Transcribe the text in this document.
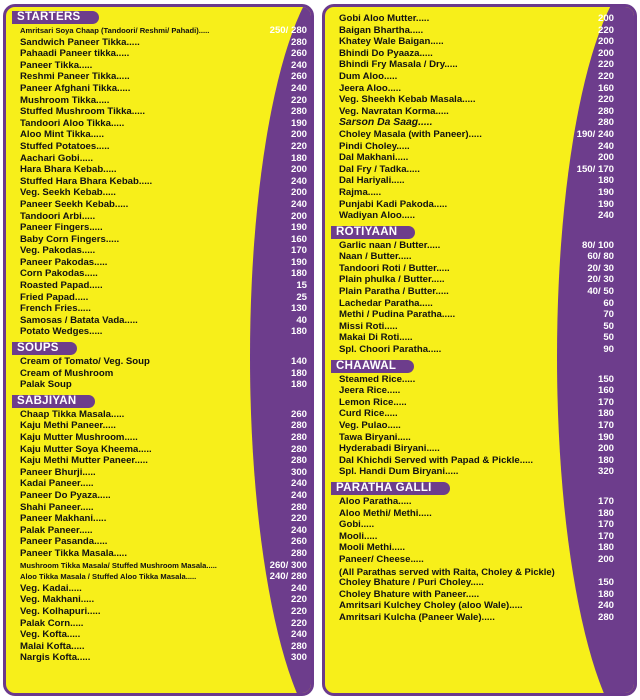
STARTERS
Amritsari Soya Chaap (Tandoori/ Reshmi/ Pahadi).....	250/ 280
Sandwich Paneer Tikka.....	280
Pahaadi Paneer tikka.....	260
Paneer Tikka.....	240
Reshmi Paneer Tikka.....	260
Paneer Afghani Tikka.....	240
Mushroom Tikka.....	220
Stuffed Mushroom Tikka.....	280
Tandoori Aloo Tikka.....	190
Aloo Mint Tikka.....	200
Stuffed Potatoes.....	220
Aachari Gobi.....	180
Hara Bhara Kebab.....	200
Stuffed Hara Bhara Kebab.....	240
Veg. Seekh Kebab.....	200
Paneer Seekh Kebab.....	240
Tandoori Arbi.....	200
Paneer Fingers.....	190
Baby Corn Fingers.....	160
Veg. Pakodas.....	170
Paneer Pakodas.....	190
Corn Pakodas.....	180
Roasted Papad.....	15
Fried Papad.....	25
French Fries.....	130
Samosas / Batata Vada.....	40
Potato Wedges.....	180
SOUPS
Cream of Tomato/ Veg. Soup	140
Cream of Mushroom	180
Palak Soup	180
SABJIYAN
Chaap Tikka Masala.....	260
Kaju Methi Paneer.....	280
Kaju Mutter Mushroom.....	280
Kaju Mutter Soya Kheema.....	280
Kaju Methi Mutter Paneer.....	280
Paneer Bhurji.....	300
Kadai Paneer.....	240
Paneer Do Pyaza.....	240
Shahi Paneer.....	280
Paneer Makhani.....	220
Palak Paneer.....	240
Paneer Pasanda.....	260
Paneer Tikka Masala.....	280
Mushroom Tikka Masala/ Stuffed Mushroom Masala.....	260/ 300
Aloo Tikka Masala / Stuffed Aloo Tikka Masala.....	240/ 280
Veg. Kadai.....	240
Veg. Makhani.....	220
Veg. Kolhapuri.....	220
Palak Corn.....	220
Veg. Kofta.....	240
Malai Kofta.....	280
Nargis Kofta.....	300
Gobi Aloo Mutter.....	200
Baigan Bhartha.....	220
Khatey Wale Baigan.....	200
Bhindi Do Pyaaza.....	200
Bhindi Fry Masala / Dry.....	220
Dum Aloo.....	220
Jeera Aloo.....	160
Veg. Sheekh Kebab Masala.....	220
Veg. Navratan Korma.....	280
Sarson Da Saag.....	280
Choley Masala (with Paneer).....	190/ 240
Pindi Choley.....	240
Dal Makhani.....	200
Dal Fry / Tadka.....	150/ 170
Dal Hariyali.....	180
Rajma.....	190
Punjabi Kadi Pakoda.....	190
Wadiyan Aloo.....	240
ROTIYAAN
Garlic naan / Butter.....	80/ 100
Naan / Butter.....	60/ 80
Tandoori Roti / Butter.....	20/ 30
Plain phulka / Butter.....	20/ 30
Plain Paratha / Butter.....	40/ 50
Lachedar Paratha.....	60
Methi / Pudina Paratha.....	70
Missi Roti.....	50
Makai Di Roti.....	50
Spl. Choori Paratha.....	90
CHAAWAL
Steamed Rice.....	150
Jeera Rice.....	160
Lemon Rice.....	170
Curd Rice.....	180
Veg. Pulao.....	170
Tawa Biryani.....	190
Hyderabadi Biryani.....	200
Dal Khichdi Served with Papad & Pickle.....	180
Spl. Handi Dum Biryani.....	320
PARATHA GALLI
Aloo Paratha.....	170
Aloo Methi/ Methi.....	180
Gobi.....	170
Mooli.....	170
Mooli Methi.....	180
Paneer/ Cheese.....	200
(All Parathas served with Raita, Choley & Pickle)
Choley Bhature / Puri Choley.....	150
Choley Bhature with Paneer.....	180
Amritsari Kulchey Choley (aloo Wale).....	240
Amritsari Kulcha (Paneer Wale).....	280
